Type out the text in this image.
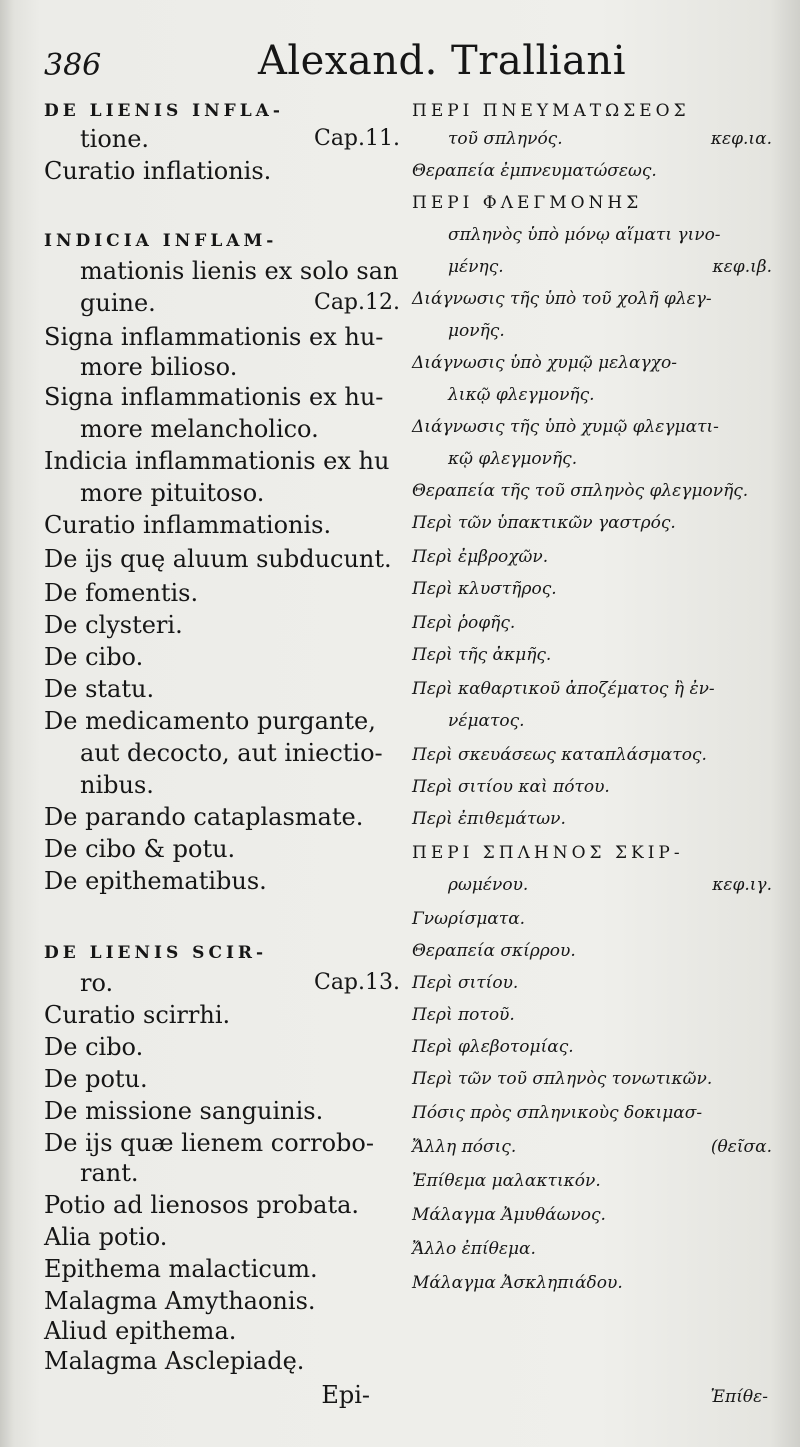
386	Alexand. Tralliani
DE LIENIS INFLA-
tione.	Cap.11.
Curatio inflationis.
INDICIA INFLAM-
mationis lienis ex solo san
guine.	Cap.12.
Signa inflammationis ex hu-
more bilioso.
Signa inflammationis ex hu-
more melancholico.
Indicia inflammationis ex hu
more pituitoso.
Curatio inflammationis.
De ijs quę aluum subducunt.
De fomentis.
De clysteri.
De cibo.
De statu.
De medicamento purgante,
aut decocto, aut iniectio-
nibus.
De parando cataplasmate.
De cibo & potu.
De epithematibus.
DE LIENIS SCIR-
ro.	Cap.13.
Curatio scirrhi.
De cibo.
De potu.
De missione sanguinis.
De ijs quæ lienem corrobo-
rant.
Potio ad lienosos probata.
Alia potio.
Epithema malacticum.
Malagma Amythaonis.
Aliud epithema.
Malagma Asclepiadę.
Epi-
ΠΕΡΙ ΠΝΕΥΜΑΤΩΣΕΟΣ
τοῦ σπληνός.	κεφ.ια.
Θεραπεία ἐμπνευματώσεως.
ΠΕΡΙ ΦΛΕΓΜΟΝΗΣ
σπληνὸς ὑπὸ μόνῳ αἵματι γινο-
μένης.	κεφ.ιβ.
Διάγνωσις τῆς ὑπὸ τοῦ χολῆ φλεγ-
μονῆς.
Διάγνωσις ὑπὸ χυμῷ μελαγχο-
λικῷ φλεγμονῆς.
Διάγνωσις τῆς ὑπὸ χυμῷ φλεγματι-
κῷ φλεγμονῆς.
Θεραπεία τῆς τοῦ σπληνὸς φλεγμονῆς.
Περὶ τῶν ὑπακτικῶν γαστρός.
Περὶ ἐμβροχῶν.
Περὶ κλυστῆρος.
Περὶ ῥοφῆς.
Περὶ τῆς ἀκμῆς.
Περὶ καθαρτικοῦ ἀποζέματος ἢ ἐν-
νέματος.
Περὶ σκευάσεως καταπλάσματος.
Περὶ σιτίου καὶ πότου.
Περὶ ἐπιθεμάτων.
ΠΕΡΙ ΣΠΛΗΝΟΣ ΣΚΙΡ-
ρωμένου.	κεφ.ιγ.
Γνωρίσματα.
Θεραπεία σκίρρου.
Περὶ σιτίου.
Περὶ ποτοῦ.
Περὶ φλεβοτομίας.
Περὶ τῶν τοῦ σπληνὸς τονωτικῶν.
Πόσις πρὸς σπληνικοὺς δοκιμασ-
Ἄλλη πόσις.	(θεῖσα.
Ἐπίθεμα μαλακτικόν.
Μάλαγμα Ἀμυθάωνος.
Ἄλλο ἐπίθεμα.
Μάλαγμα Ἀσκληπιάδου.
Ἐπίθε-
